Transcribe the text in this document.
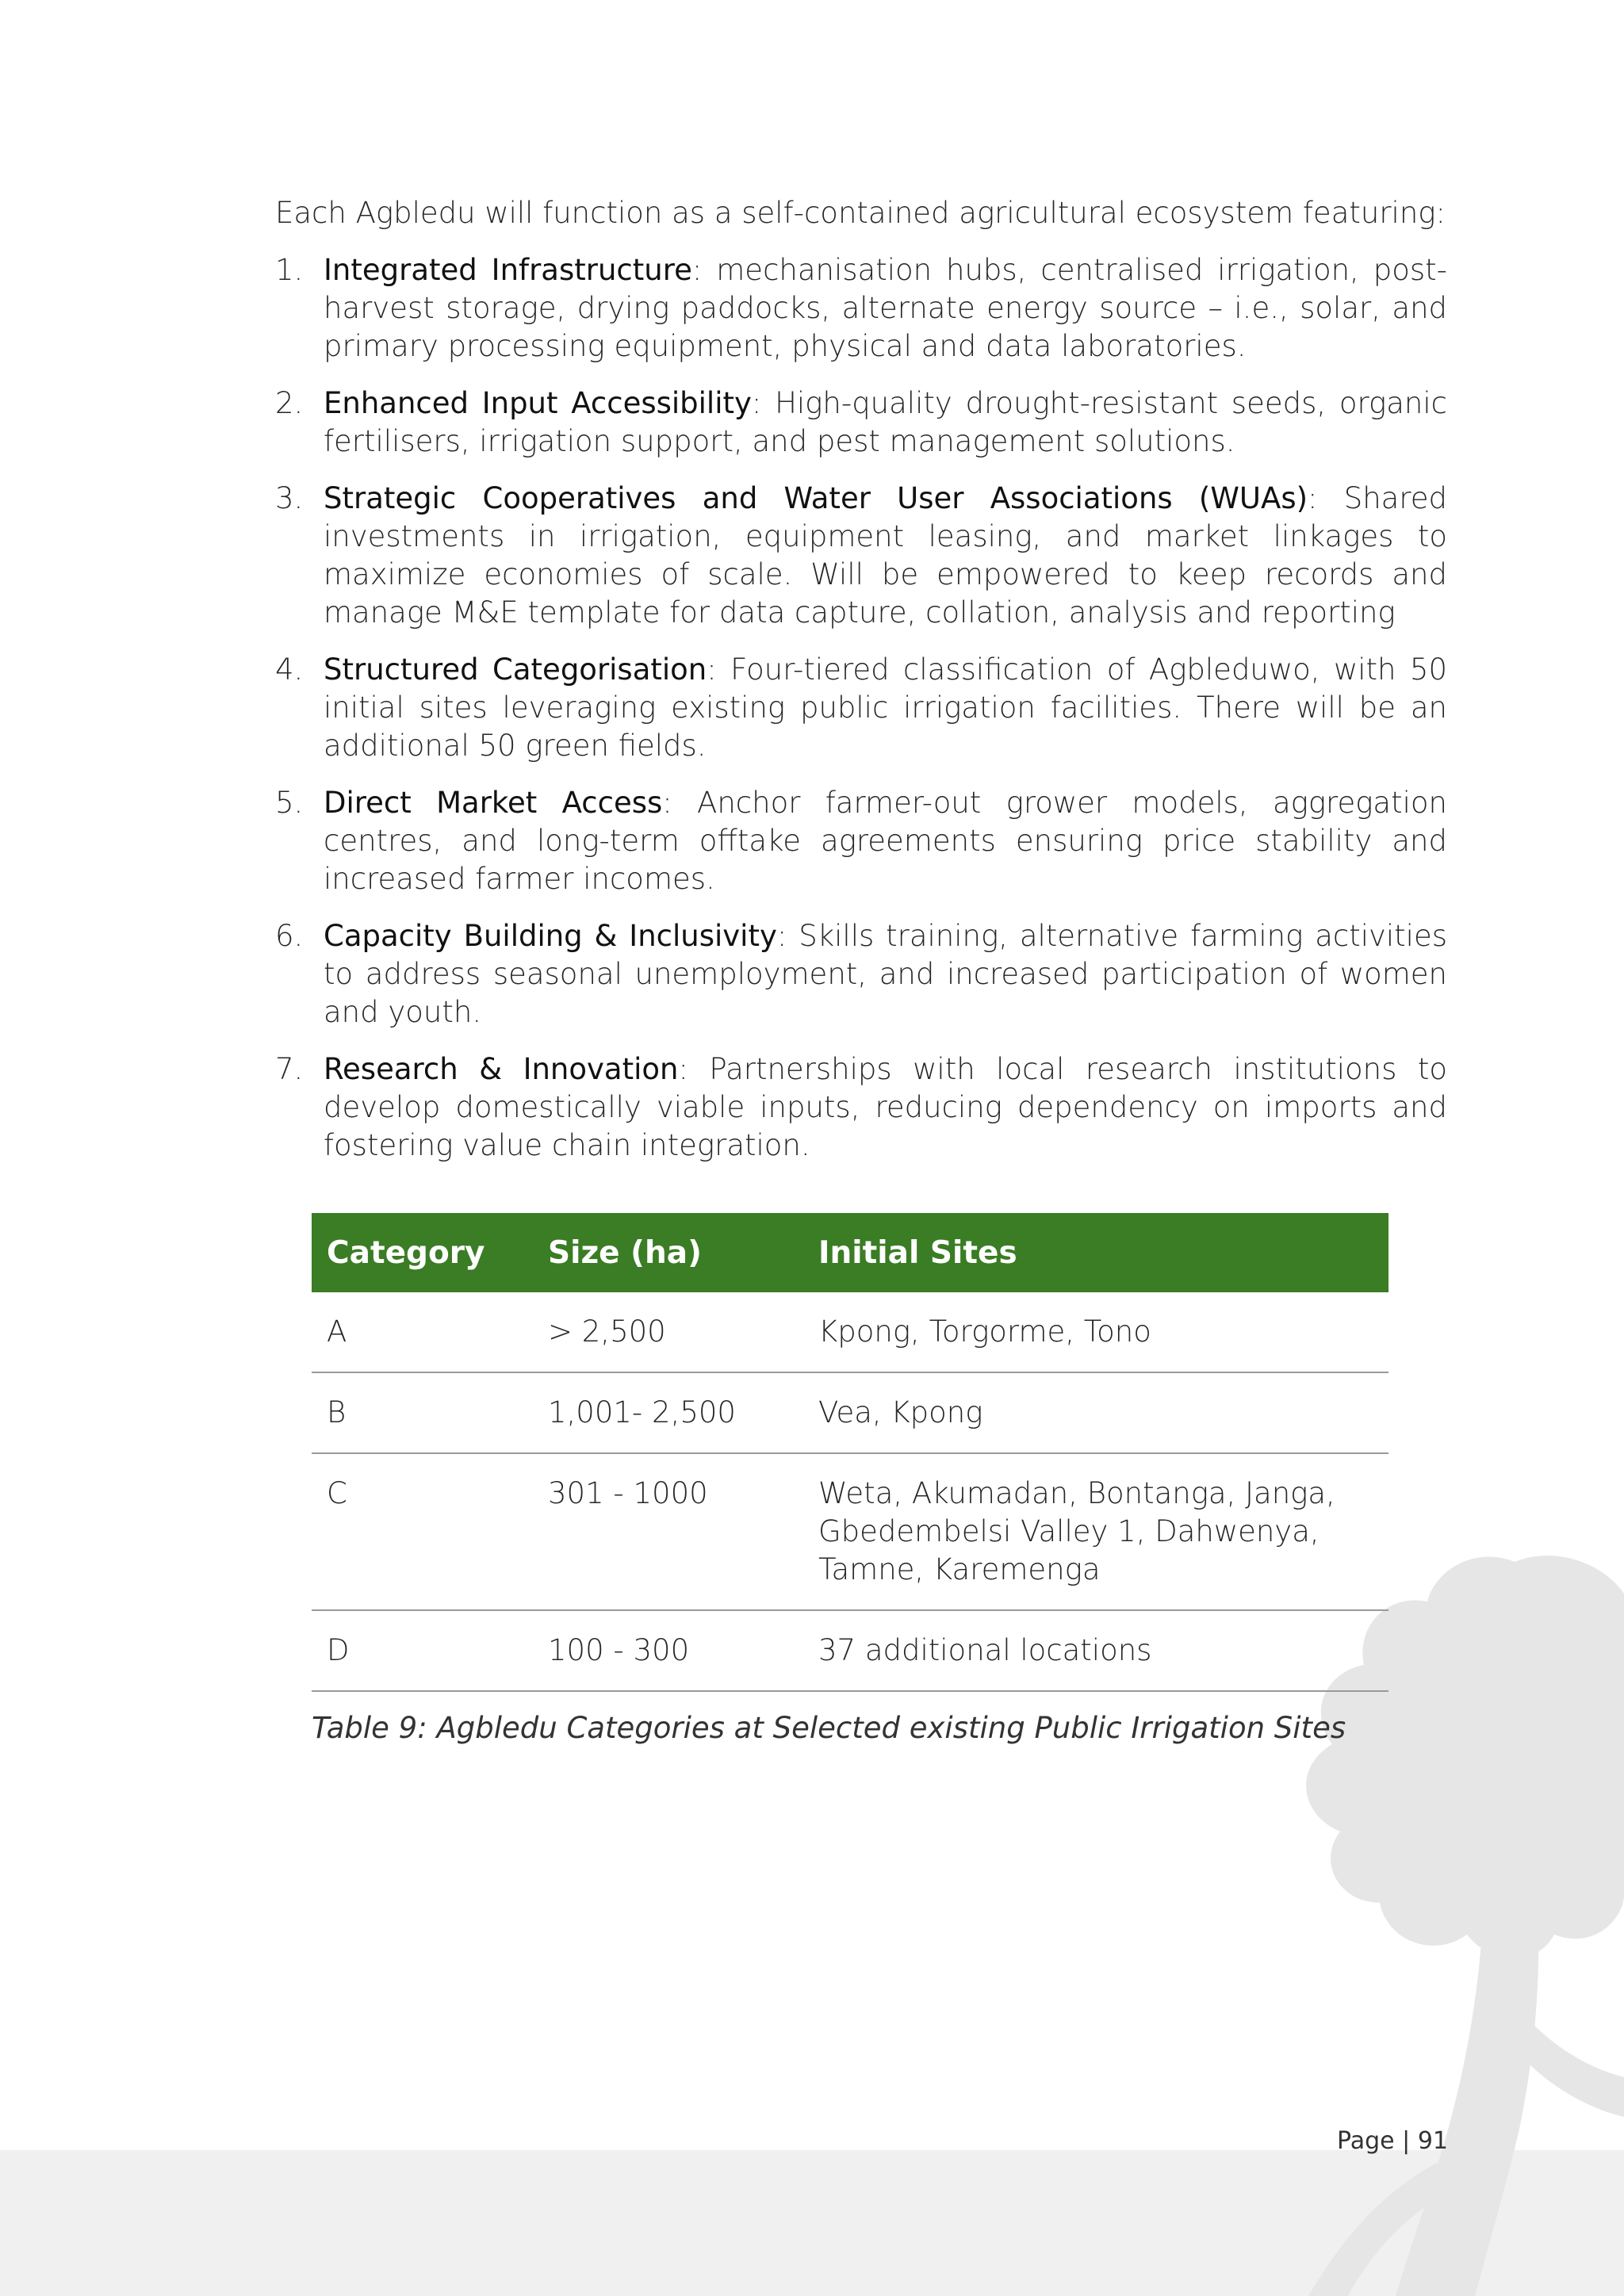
Each Agbledu will function as a self-contained agricultural ecosystem featuring:

1. Integrated Infrastructure: mechanisation hubs, centralised irrigation, post-harvest storage, drying paddocks, alternate energy source – i.e., solar, and primary processing equipment, physical and data laboratories.
2. Enhanced Input Accessibility: High-quality drought-resistant seeds, organic fertilisers, irrigation support, and pest management solutions.
3. Strategic Cooperatives and Water User Associations (WUAs): Shared investments in irrigation, equipment leasing, and market linkages to maximize economies of scale. Will be empowered to keep records and manage M&E template for data capture, collation, analysis and reporting
4. Structured Categorisation: Four-tiered classification of Agbleduwo, with 50 initial sites leveraging existing public irrigation facilities. There will be an additional 50 green fields.
5. Direct Market Access: Anchor farmer-out grower models, aggregation centres, and long-term offtake agreements ensuring price stability and increased farmer incomes.
6. Capacity Building & Inclusivity: Skills training, alternative farming activities to address seasonal unemployment, and increased participation of women and youth.
7. Research & Innovation: Partnerships with local research institutions to develop domestically viable inputs, reducing dependency on imports and fostering value chain integration.
Category	Size (ha)	Initial Sites
A	> 2,500	Kpong, Torgorme, Tono
B	1,001- 2,500	Vea, Kpong
C	301 - 1000	Weta, Akumadan, Bontanga, Janga, Gbedembelsi Valley 1, Dahwenya, Tamne, Karemenga
D	100 - 300	37 additional locations
Table 9: Agbledu Categories at Selected existing Public Irrigation Sites
Page | 91
